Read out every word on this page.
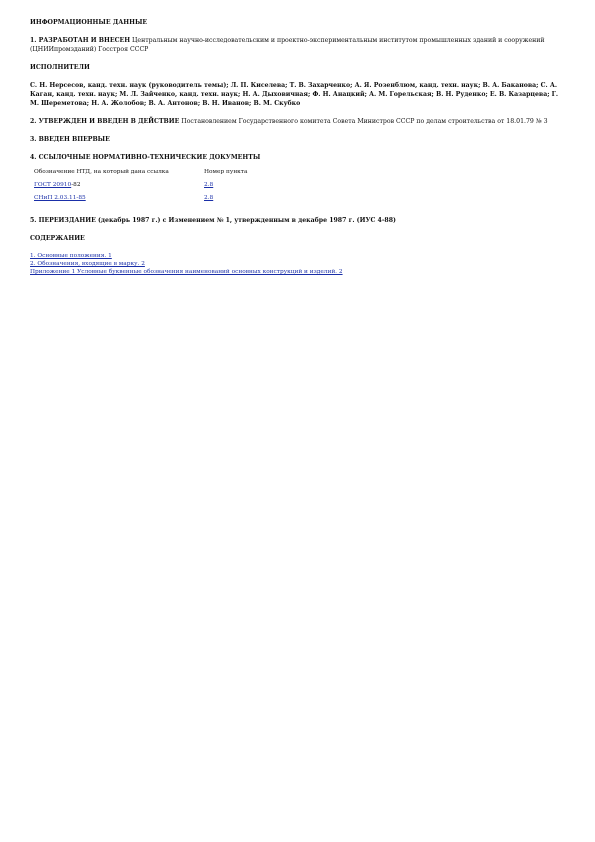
ИНФОРМАЦИОННЫЕ ДАННЫЕ

1. РАЗРАБОТАН И ВНЕСЕН Центральным научно-исследовательским и проектно-экспериментальным институтом промышленных зданий и сооружений (ЦНИИпромзданий) Госстроя СССР

ИСПОЛНИТЕЛИ

С. Н. Нерсесов, канд. техн. наук (руководитель темы); Л. П. Киселева; Т. В. Захарченко; А. Я. Розенблюм, канд. техн. наук; В. А. Баканова; С. А. Каган, канд. техн. наук; М. Л. Зайченко, канд. техн. наук; Н. А. Дыховичная; Ф. Н. Анацкий; А. М. Горельская; В. Н. Руденко; Е. В. Казарцева; Г. М. Шереметова; Н. А. Жолобов; В. А. Антонов; В. Н. Иванов; В. М. Скубко

2. УТВЕРЖДЕН И ВВЕДЕН В ДЕЙСТВИЕ Постановлением Государственного комитета Совета Министров СССР по делам строительства от 18.01.79 № 3

3. ВВЕДЕН ВПЕРВЫЕ

4. ССЫЛОЧНЫЕ НОРМАТИВНО-ТЕХНИЧЕСКИЕ ДОКУМЕНТЫ

Обозначение НТД, на который дана ссылка	Номер пункта
ГОСТ 20910-82	2.8
СНиП 2.03.11-85	2.8

5. ПЕРЕИЗДАНИЕ (декабрь 1987 г.) с Изменением № 1, утвержденным в декабре 1987 г. (ИУС 4-88)

СОДЕРЖАНИЕ

1. Основные положения. 1
2. Обозначения, входящие в марку. 2
Приложение 1 Условные буквенные обозначения наименований основных конструкций и изделий. 2
